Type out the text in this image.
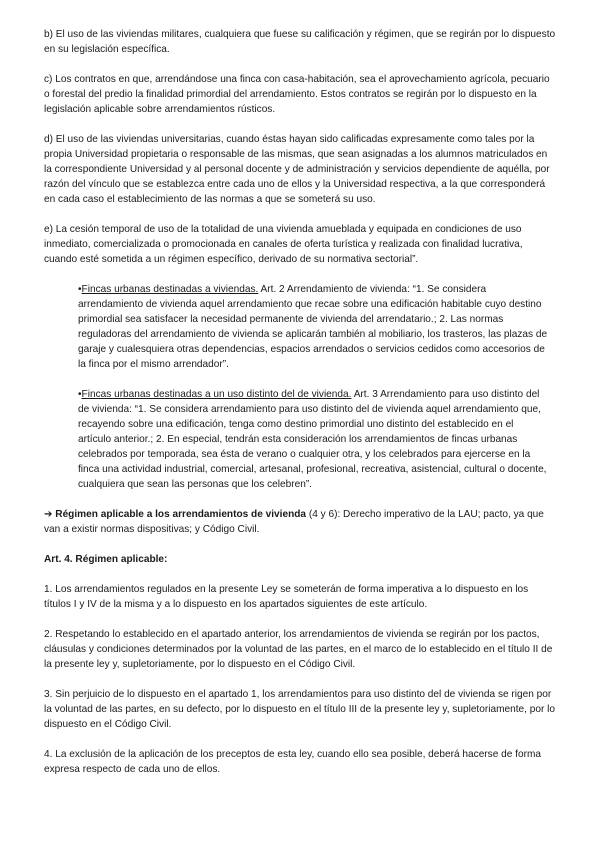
b) El uso de las viviendas militares, cualquiera que fuese su calificación y régimen, que se regirán por lo dispuesto en su legislación específica.

c) Los contratos en que, arrendándose una finca con casa-habitación, sea el aprovechamiento agrícola, pecuario o forestal del predio la finalidad primordial del arrendamiento. Estos contratos se regirán por lo dispuesto en la legislación aplicable sobre arrendamientos rústicos.

d) El uso de las viviendas universitarias, cuando éstas hayan sido calificadas expresamente como tales por la propia Universidad propietaria o responsable de las mismas, que sean asignadas a los alumnos matriculados en la correspondiente Universidad y al personal docente y de administración y servicios dependiente de aquélla, por razón del vínculo que se establezca entre cada uno de ellos y la Universidad respectiva, a la que corresponderá en cada caso el establecimiento de las normas a que se someterá su uso.

e) La cesión temporal de uso de la totalidad de una vivienda amueblada y equipada en condiciones de uso inmediato, comercializada o promocionada en canales de oferta turística y realizada con finalidad lucrativa, cuando esté sometida a un régimen específico, derivado de su normativa sectorial”.

•Fincas urbanas destinadas a viviendas. Art. 2 Arrendamiento de vivienda: “1. Se considera arrendamiento de vivienda aquel arrendamiento que recae sobre una edificación habitable cuyo destino primordial sea satisfacer la necesidad permanente de vivienda del arrendatario.; 2. Las normas reguladoras del arrendamiento de vivienda se aplicarán también al mobiliario, los trasteros, las plazas de garaje y cualesquiera otras dependencias, espacios arrendados o servicios cedidos como accesorios de la finca por el mismo arrendador”.

•Fincas urbanas destinadas a un uso distinto del de vivienda. Art. 3 Arrendamiento para uso distinto del de vivienda: “1. Se considera arrendamiento para uso distinto del de vivienda aquel arrendamiento que, recayendo sobre una edificación, tenga como destino primordial uno distinto del establecido en el artículo anterior.; 2. En especial, tendrán esta consideración los arrendamientos de fincas urbanas celebrados por temporada, sea ésta de verano o cualquier otra, y los celebrados para ejercerse en la finca una actividad industrial, comercial, artesanal, profesional, recreativa, asistencial, cultural o docente, cualquiera que sean las personas que los celebren”.

➔ Régimen aplicable a los arrendamientos de vivienda (4 y 6): Derecho imperativo de la LAU; pacto, ya que van a existir normas dispositivas; y Código Civil.

Art. 4. Régimen aplicable:

1. Los arrendamientos regulados en la presente Ley se someterán de forma imperativa a lo dispuesto en los títulos I y IV de la misma y a lo dispuesto en los apartados siguientes de este artículo.

2. Respetando lo establecido en el apartado anterior, los arrendamientos de vivienda se regirán por los pactos, cláusulas y condiciones determinados por la voluntad de las partes, en el marco de lo establecido en el título II de la presente ley y, supletoriamente, por lo dispuesto en el Código Civil.

3. Sin perjuicio de lo dispuesto en el apartado 1, los arrendamientos para uso distinto del de vivienda se rigen por la voluntad de las partes, en su defecto, por lo dispuesto en el título III de la presente ley y, supletoriamente, por lo dispuesto en el Código Civil.

4. La exclusión de la aplicación de los preceptos de esta ley, cuando ello sea posible, deberá hacerse de forma expresa respecto de cada uno de ellos.
